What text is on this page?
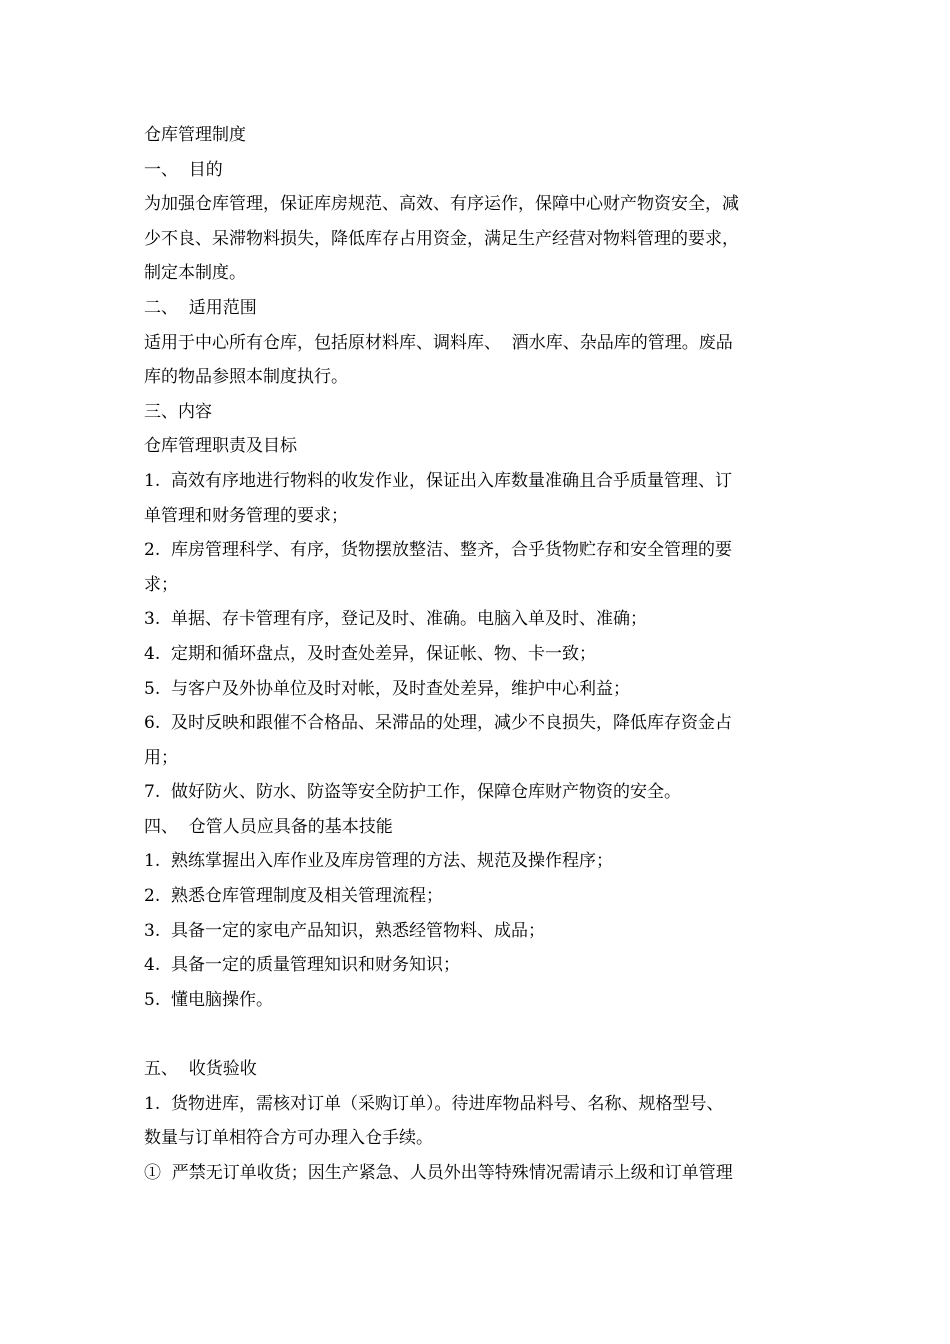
仓库管理制度
一、  目的
为加强仓库管理，保证库房规范、高效、有序运作，保障中心财产物资安全，减
少不良、呆滞物料损失，降低库存占用资金，满足生产经营对物料管理的要求，
制定本制度。
二、  适用范围
适用于中心所有仓库，包括原材料库、调料库、  酒水库、杂品库的管理。废品
库的物品参照本制度执行。
三、内容
仓库管理职责及目标
1.  高效有序地进行物料的收发作业，保证出入库数量准确且合乎质量管理、订
单管理和财务管理的要求；
2.  库房管理科学、有序，货物摆放整洁、整齐，合乎货物贮存和安全管理的要
求；
3.  单据、存卡管理有序，登记及时、准确。电脑入单及时、准确；
4.  定期和循环盘点，及时查处差异，保证帐、物、卡一致；
5.  与客户及外协单位及时对帐，及时查处差异，维护中心利益；
6.  及时反映和跟催不合格品、呆滞品的处理，减少不良损失，降低库存资金占
用；
7.  做好防火、防水、防盗等安全防护工作，保障仓库财产物资的安全。
四、  仓管人员应具备的基本技能
1.  熟练掌握出入库作业及库房管理的方法、规范及操作程序；
2.  熟悉仓库管理制度及相关管理流程；
3.  具备一定的家电产品知识，熟悉经管物料、成品；
4.  具备一定的质量管理知识和财务知识；
5.  懂电脑操作。
五、  收货验收
1.  货物进库，需核对订单（采购订单）。待进库物品料号、名称、规格型号、
数量与订单相符合方可办理入仓手续。
①  严禁无订单收货；因生产紧急、人员外出等特殊情况需请示上级和订单管理
